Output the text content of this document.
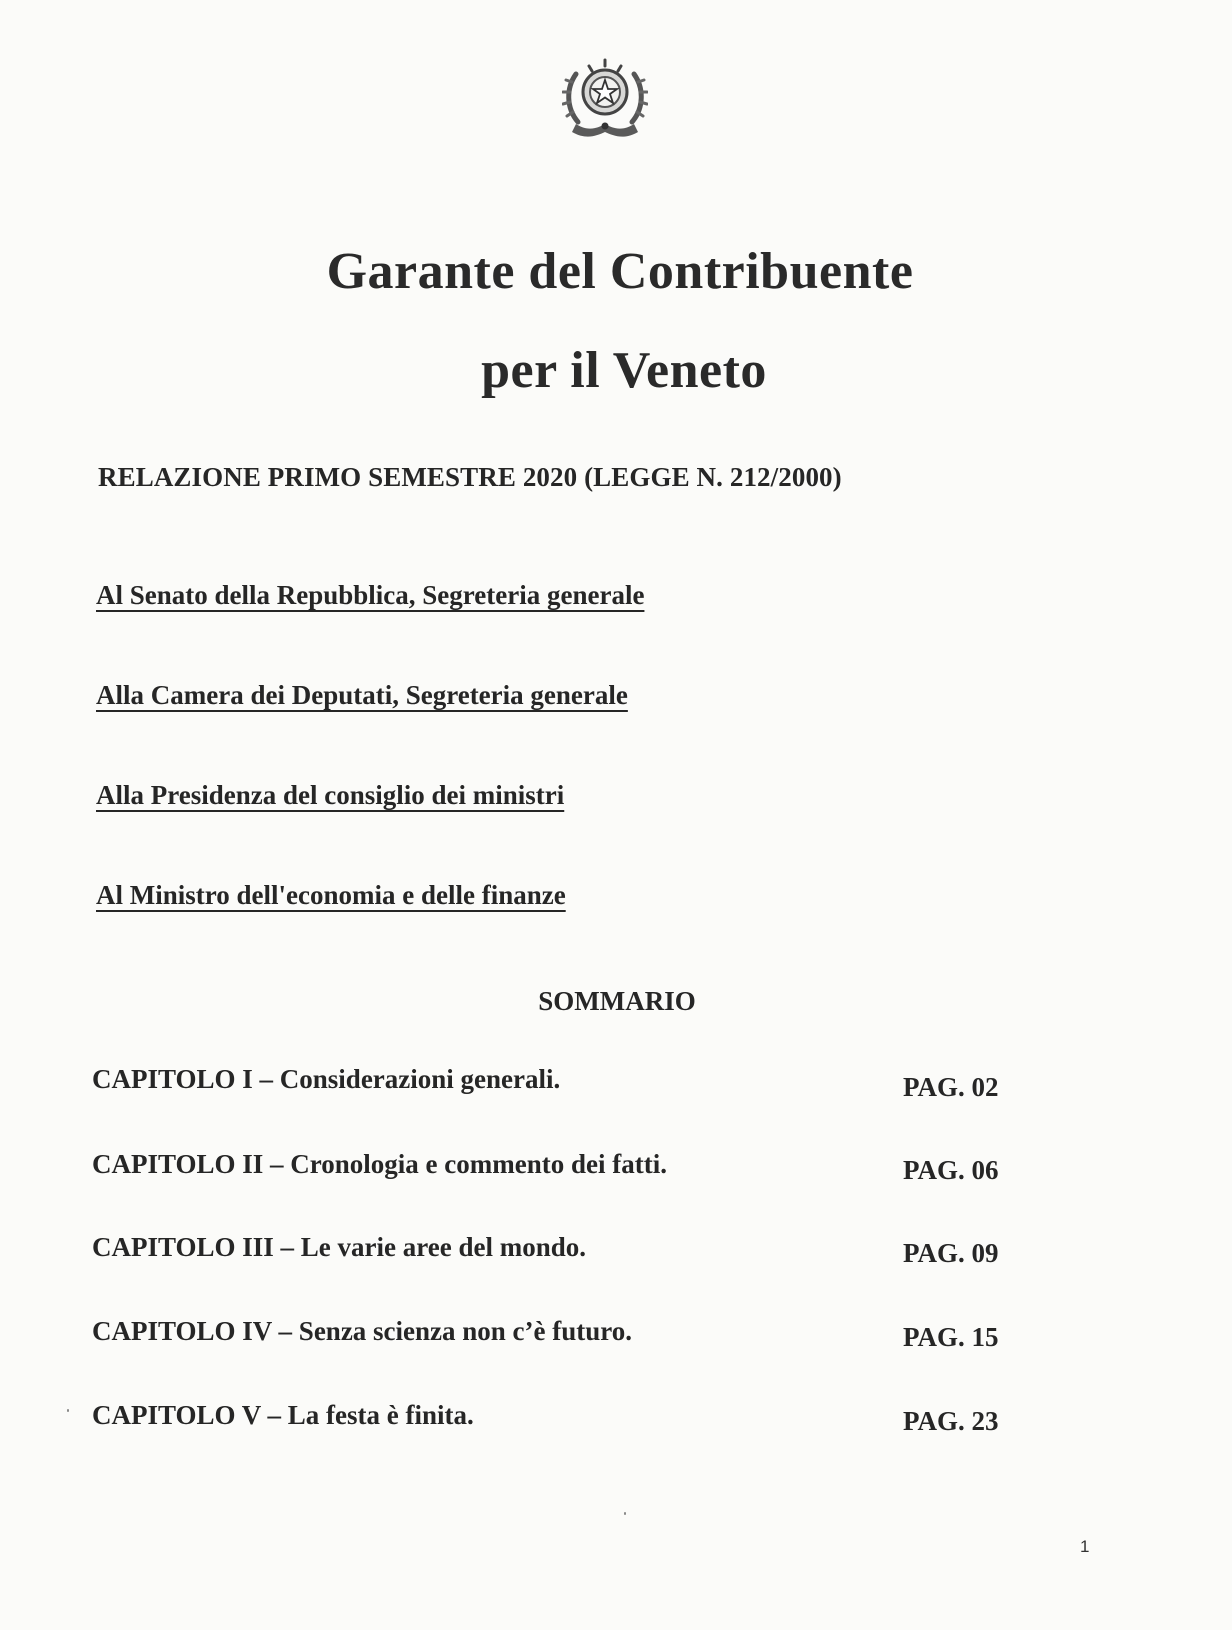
Garante del Contribuente
per il Veneto
RELAZIONE PRIMO SEMESTRE 2020 (LEGGE N. 212/2000)
Al Senato della Repubblica, Segreteria generale
Alla Camera dei Deputati, Segreteria generale
Alla Presidenza del consiglio dei ministri
Al Ministro dell'economia e delle finanze
SOMMARIO
CAPITOLO I – Considerazioni generali.	PAG. 02
CAPITOLO II – Cronologia e commento dei fatti.	PAG. 06
CAPITOLO III – Le varie aree del mondo.	PAG. 09
CAPITOLO IV – Senza scienza non c’è futuro.	PAG. 15
CAPITOLO V – La festa è finita.	PAG. 23
1
